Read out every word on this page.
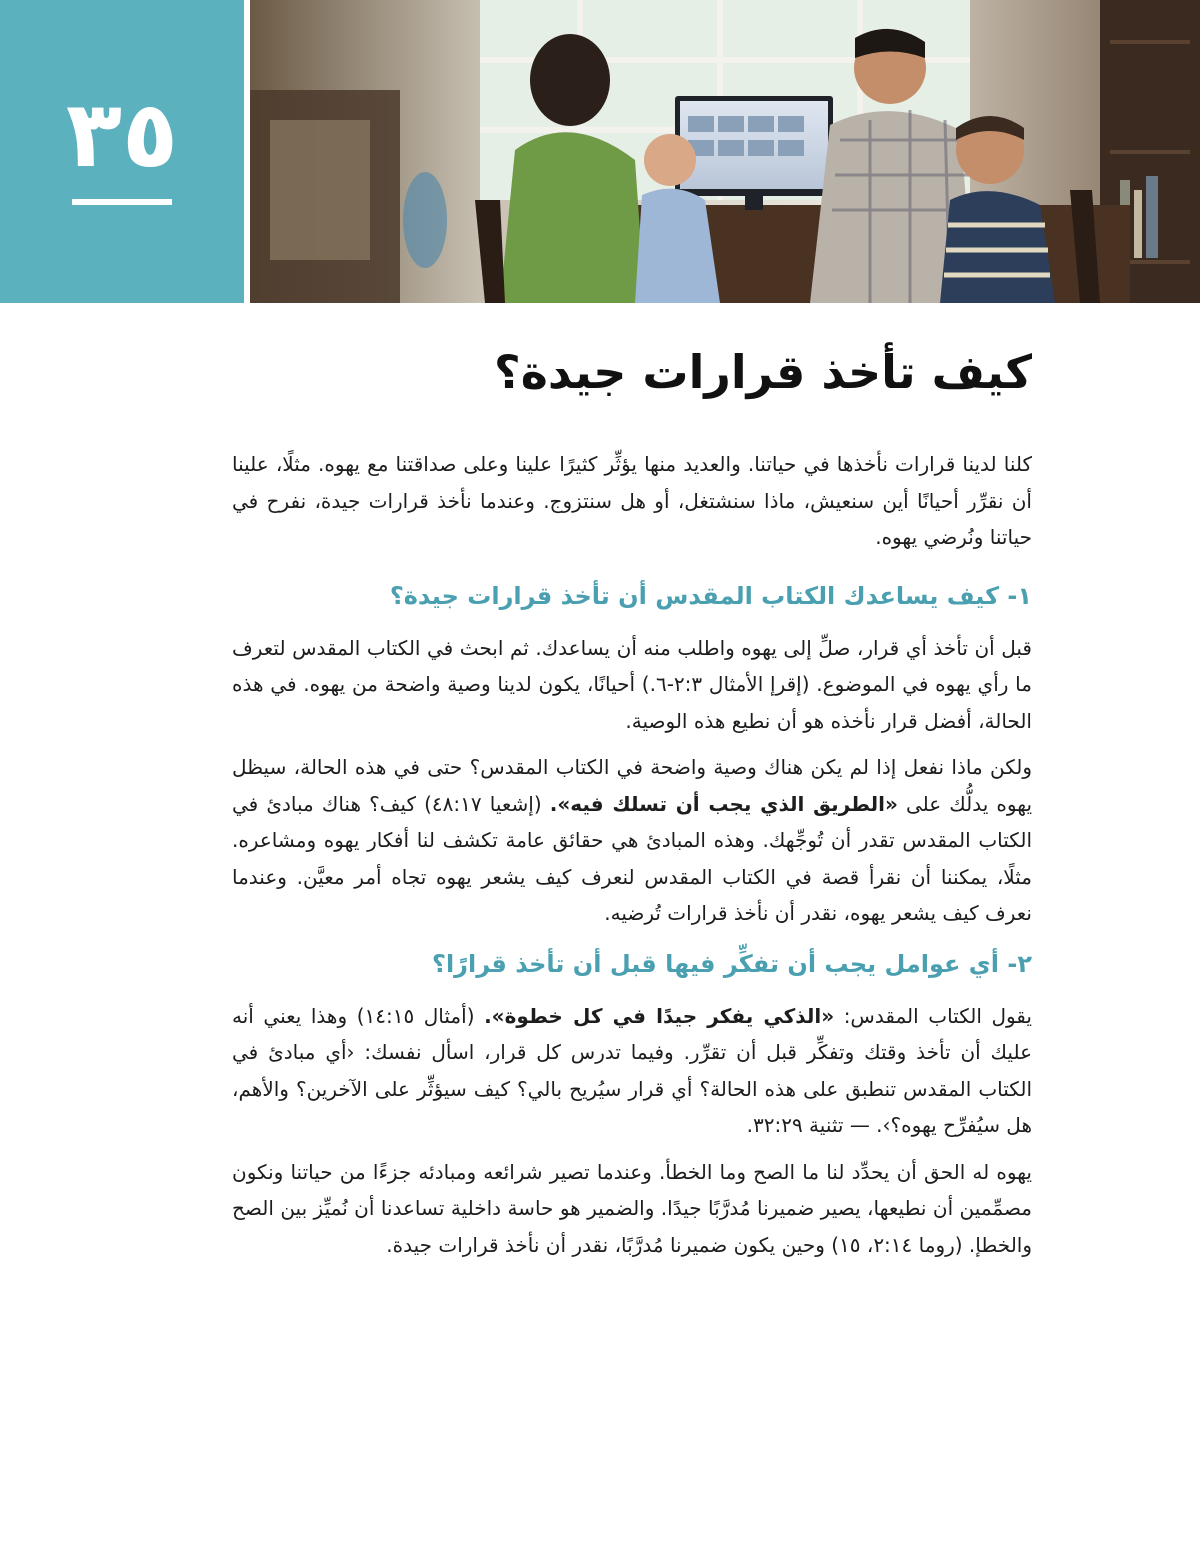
٣٥
كيف تأخذ قرارات جيدة؟

كلنا لدينا قرارات نأخذها في حياتنا. والعديد منها يؤثِّر كثيرًا علينا وعلى صداقتنا مع يهوه. مثلًا، علينا أن نقرِّر أحيانًا أين سنعيش، ماذا سنشتغل، أو هل سنتزوج. وعندما نأخذ قرارات جيدة، نفرح في حياتنا ونُرضي يهوه.

١- كيف يساعدك الكتاب المقدس أن تأخذ قرارات جيدة؟

قبل أن تأخذ أي قرار، صلِّ إلى يهوه واطلب منه أن يساعدك. ثم ابحث في الكتاب المقدس لتعرف ما رأي يهوه في الموضوع. (إقرإ الأمثال ٢:٣-٦.) أحيانًا، يكون لدينا وصية واضحة من يهوه. في هذه الحالة، أفضل قرار نأخذه هو أن نطيع هذه الوصية.

ولكن ماذا نفعل إذا لم يكن هناك وصية واضحة في الكتاب المقدس؟ حتى في هذه الحالة، سيظل يهوه يدلُّك على «الطريق الذي يجب أن تسلك فيه». (إشعيا ٤٨:١٧) كيف؟ هناك مبادئ في الكتاب المقدس تقدر أن تُوجِّهك. وهذه المبادئ هي حقائق عامة تكشف لنا أفكار يهوه ومشاعره. مثلًا، يمكننا أن نقرأ قصة في الكتاب المقدس لنعرف كيف يشعر يهوه تجاه أمر معيَّن. وعندما نعرف كيف يشعر يهوه، نقدر أن نأخذ قرارات تُرضيه.

٢- أي عوامل يجب أن تفكِّر فيها قبل أن تأخذ قرارًا؟

يقول الكتاب المقدس: «الذكي يفكر جيدًا في كل خطوة». (أمثال ١٤:١٥) وهذا يعني أنه عليك أن تأخذ وقتك وتفكِّر قبل أن تقرِّر. وفيما تدرس كل قرار، اسأل نفسك: ‹أي مبادئ في الكتاب المقدس تنطبق على هذه الحالة؟ أي قرار سيُريح بالي؟ كيف سيؤثِّر على الآخرين؟ والأهم، هل سيُفرِّح يهوه؟›. — تثنية ٣٢:٢٩.

يهوه له الحق أن يحدِّد لنا ما الصح وما الخطأ. وعندما تصير شرائعه ومبادئه جزءًا من حياتنا ونكون مصمِّمين أن نطيعها، يصير ضميرنا مُدرَّبًا جيدًا. والضمير هو حاسة داخلية تساعدنا أن نُميِّز بين الصح والخطإ. (روما ٢:١٤، ١٥) وحين يكون ضميرنا مُدرَّبًا، نقدر أن نأخذ قرارات جيدة.
